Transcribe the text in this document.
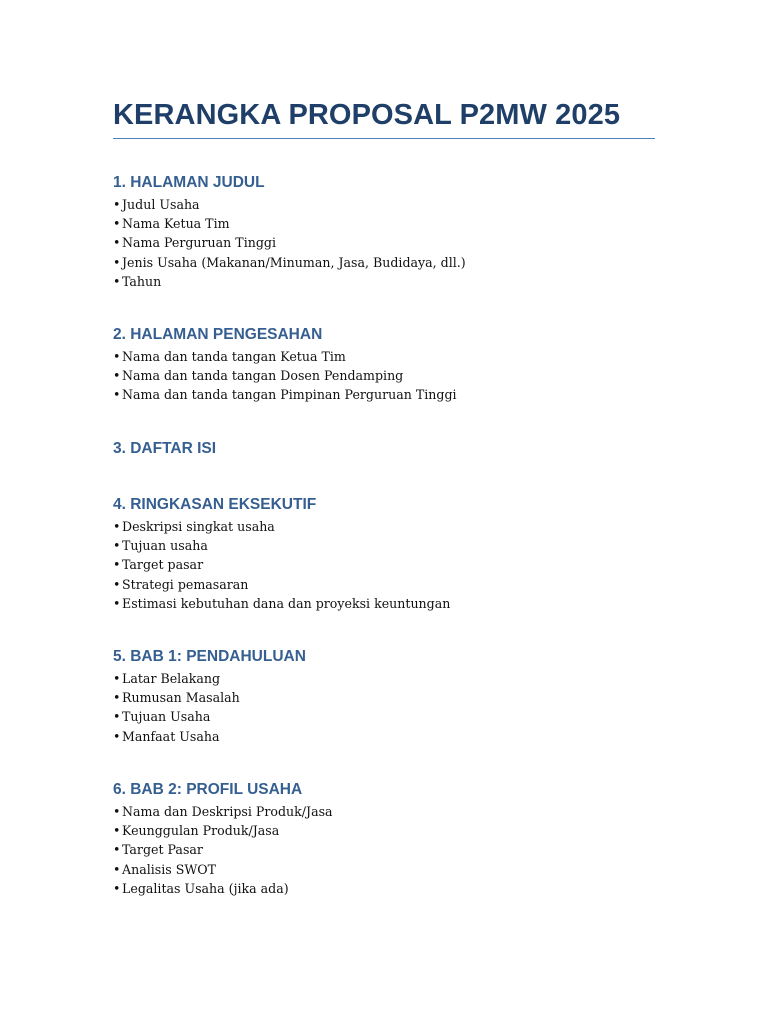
KERANGKA PROPOSAL P2MW 2025
1. HALAMAN JUDUL
• Judul Usaha
• Nama Ketua Tim
• Nama Perguruan Tinggi
• Jenis Usaha (Makanan/Minuman, Jasa, Budidaya, dll.)
• Tahun
2. HALAMAN PENGESAHAN
• Nama dan tanda tangan Ketua Tim
• Nama dan tanda tangan Dosen Pendamping
• Nama dan tanda tangan Pimpinan Perguruan Tinggi
3. DAFTAR ISI
4. RINGKASAN EKSEKUTIF
• Deskripsi singkat usaha
• Tujuan usaha
• Target pasar
• Strategi pemasaran
• Estimasi kebutuhan dana dan proyeksi keuntungan
5. BAB 1: PENDAHULUAN
• Latar Belakang
• Rumusan Masalah
• Tujuan Usaha
• Manfaat Usaha
6. BAB 2: PROFIL USAHA
• Nama dan Deskripsi Produk/Jasa
• Keunggulan Produk/Jasa
• Target Pasar
• Analisis SWOT
• Legalitas Usaha (jika ada)
